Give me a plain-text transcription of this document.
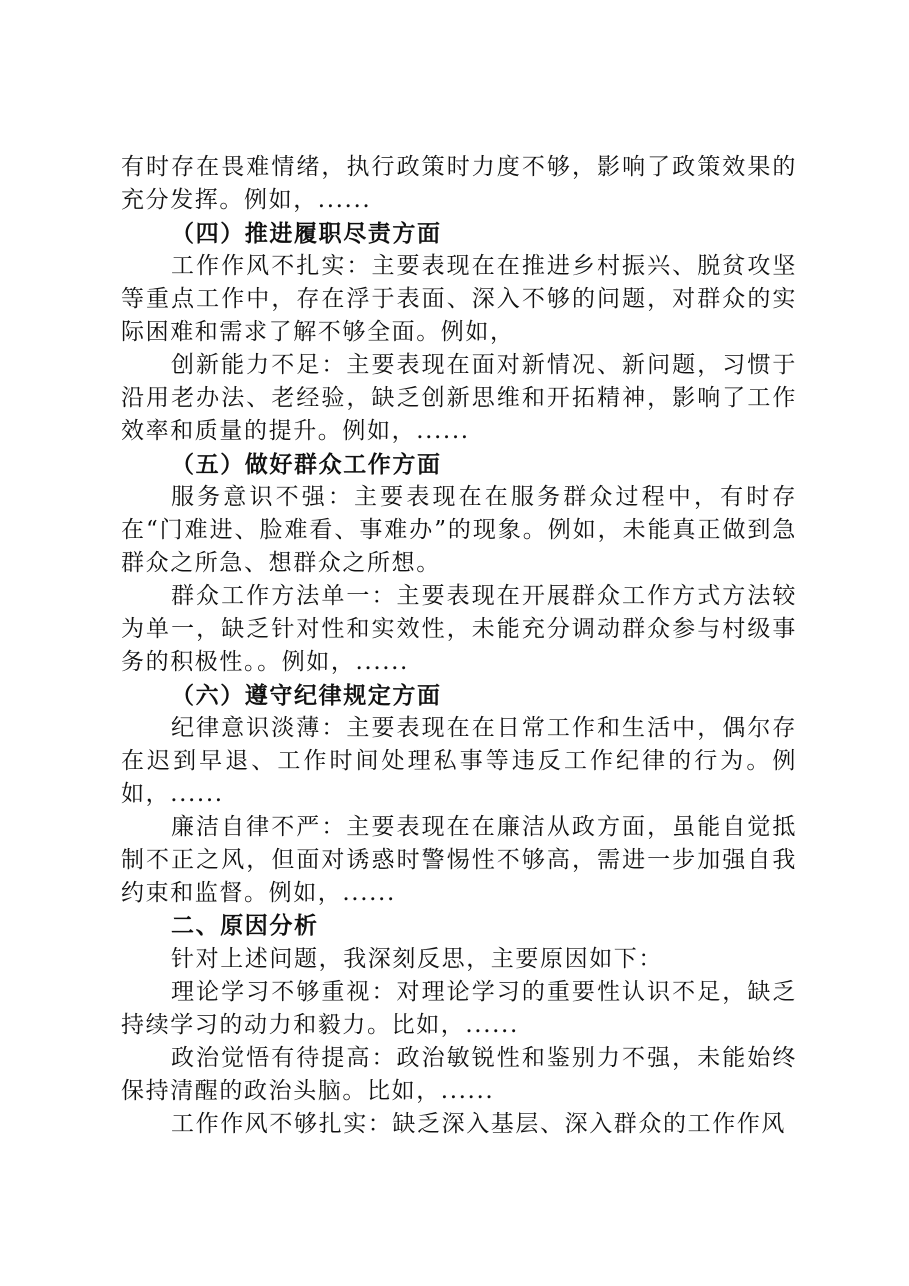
有时存在畏难情绪，执行政策时力度不够，影响了政策效果的充分发挥。例如，......

（四）推进履职尽责方面

工作作风不扎实：主要表现在在推进乡村振兴、脱贫攻坚等重点工作中，存在浮于表面、深入不够的问题，对群众的实际困难和需求了解不够全面。例如，

创新能力不足：主要表现在面对新情况、新问题，习惯于沿用老办法、老经验，缺乏创新思维和开拓精神，影响了工作效率和质量的提升。例如，......

（五）做好群众工作方面

服务意识不强：主要表现在在服务群众过程中，有时存在“门难进、脸难看、事难办”的现象。例如，未能真正做到急群众之所急、想群众之所想。

群众工作方法单一：主要表现在开展群众工作方式方法较为单一，缺乏针对性和实效性，未能充分调动群众参与村级事务的积极性。。例如，......

（六）遵守纪律规定方面

纪律意识淡薄：主要表现在在日常工作和生活中，偶尔存在迟到早退、工作时间处理私事等违反工作纪律的行为。例如，......

廉洁自律不严：主要表现在在廉洁从政方面，虽能自觉抵制不正之风，但面对诱惑时警惕性不够高，需进一步加强自我约束和监督。例如，......

二、原因分析

针对上述问题，我深刻反思，主要原因如下：

理论学习不够重视：对理论学习的重要性认识不足，缺乏持续学习的动力和毅力。比如，......

政治觉悟有待提高：政治敏锐性和鉴别力不强，未能始终保持清醒的政治头脑。比如，......

工作作风不够扎实：缺乏深入基层、深入群众的工作作风
